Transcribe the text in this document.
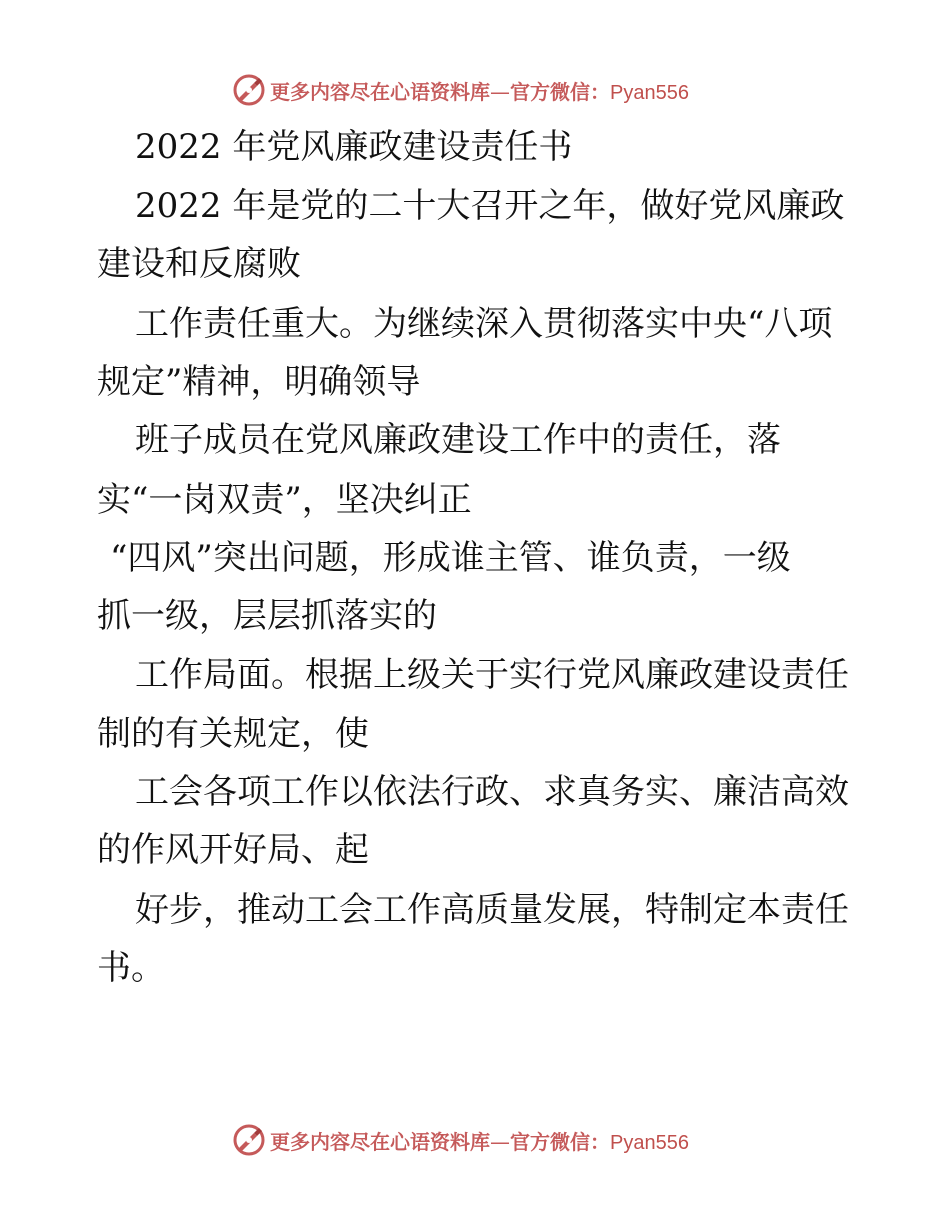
更多内容尽在心语资料库—官方微信：Pyan556
2022 年党风廉政建设责任书
2022 年是党的二十大召开之年，做好党风廉政
建设和反腐败
工作责任重大。为继续深入贯彻落实中央“八项
规定”精神，明确领导
班子成员在党风廉政建设工作中的责任，落
实“一岗双责”，坚决纠正
“四风”突出问题，形成谁主管、谁负责，一级
抓一级，层层抓落实的
工作局面。根据上级关于实行党风廉政建设责任
制的有关规定，使
工会各项工作以依法行政、求真务实、廉洁高效
的作风开好局、起
好步，推动工会工作高质量发展，特制定本责任
书。
更多内容尽在心语资料库—官方微信：Pyan556
